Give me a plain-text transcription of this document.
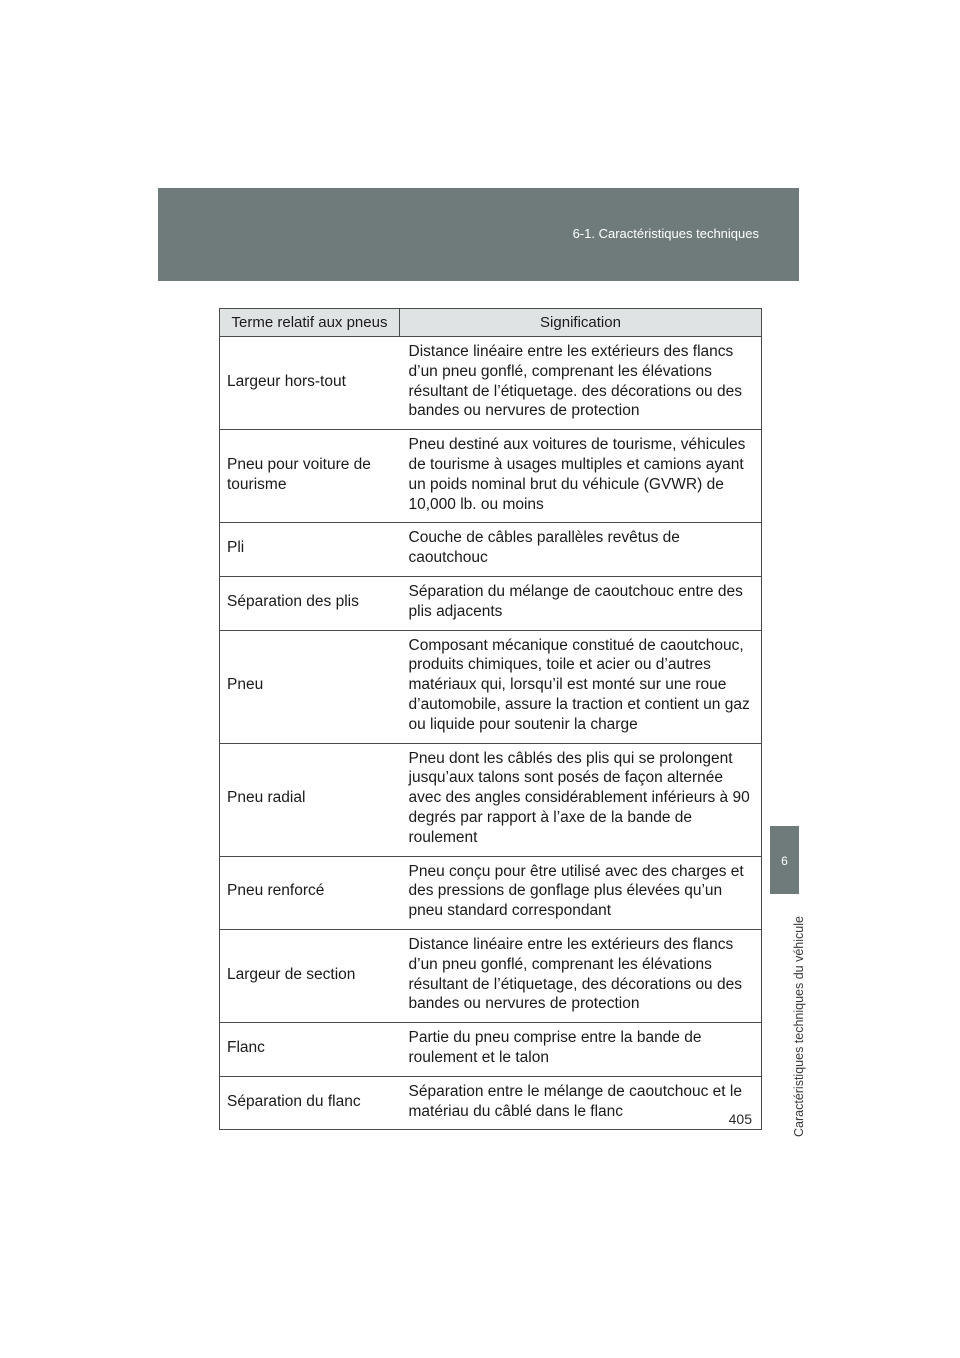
6-1. Caractéristiques techniques
6
Caractéristiques techniques du véhicule
Terme relatif aux pneus	Signification
Largeur hors-tout	Distance linéaire entre les extérieurs des flancs d’un pneu gonflé, comprenant les élévations résultant de l’étiquetage. des décorations ou des bandes ou nervures de protection
Pneu pour voiture de tourisme	Pneu destiné aux voitures de tourisme, véhicules de tourisme à usages multiples et camions ayant un poids nominal brut du véhicule (GVWR) de 10,000 lb. ou moins
Pli	Couche de câbles parallèles revêtus de caoutchouc
Séparation des plis	Séparation du mélange de caoutchouc entre des plis adjacents
Pneu	Composant mécanique constitué de caoutchouc, produits chimiques, toile et acier ou d’autres matériaux qui, lorsqu’il est monté sur une roue d’automobile, assure la traction et contient un gaz ou liquide pour soutenir la charge
Pneu radial	Pneu dont les câblés des plis qui se prolongent jusqu’aux talons sont posés de façon alternée avec des angles considérablement inférieurs à 90 degrés par rapport à l’axe de la bande de roulement
Pneu renforcé	Pneu conçu pour être utilisé avec des charges et des pressions de gonflage plus élevées qu’un pneu standard correspondant
Largeur de section	Distance linéaire entre les extérieurs des flancs d’un pneu gonflé, comprenant les élévations résultant de l’étiquetage, des décorations ou des bandes ou nervures de protection
Flanc	Partie du pneu comprise entre la bande de roulement et le talon
Séparation du flanc	Séparation entre le mélange de caoutchouc et le matériau du câblé dans le flanc	405
